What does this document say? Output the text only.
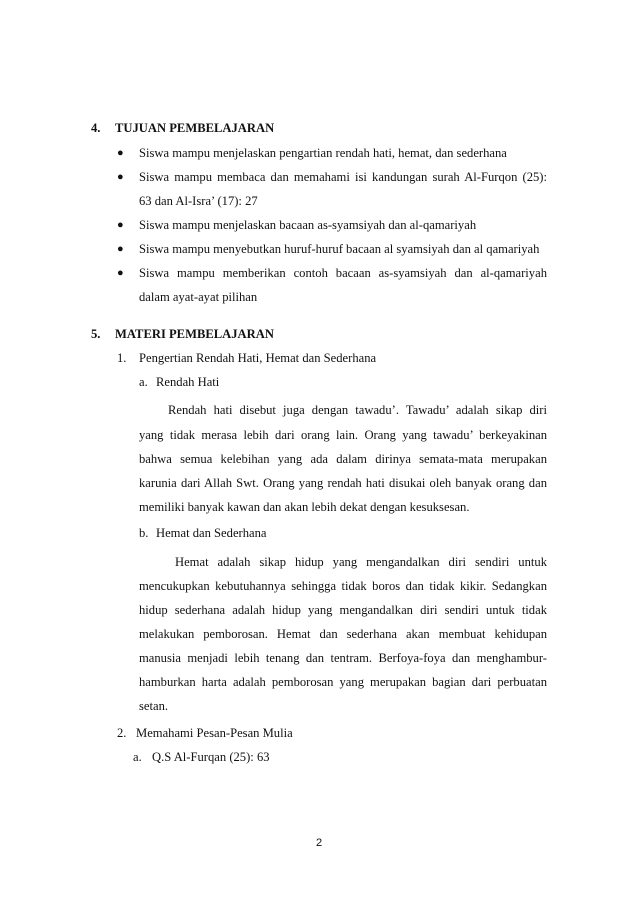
4. TUJUAN PEMBELAJARAN
● Siswa mampu menjelaskan pengartian rendah hati, hemat, dan sederhana
● Siswa mampu membaca dan memahami isi kandungan surah Al-Furqon (25):
63 dan Al-Isra’ (17): 27
● Siswa mampu menjelaskan bacaan as-syamsiyah dan al-qamariyah
● Siswa mampu menyebutkan huruf-huruf bacaan al syamsiyah dan al qamariyah
● Siswa mampu memberikan contoh bacaan as-syamsiyah dan al-qamariyah
dalam ayat-ayat pilihan
5. MATERI PEMBELAJARAN
1. Pengertian Rendah Hati, Hemat dan Sederhana
a. Rendah Hati
Rendah hati disebut juga dengan tawadu’. Tawadu’ adalah sikap diri
yang tidak merasa lebih dari orang lain. Orang yang tawadu’ berkeyakinan
bahwa semua kelebihan yang ada dalam dirinya semata-mata merupakan
karunia dari Allah Swt. Orang yang rendah hati disukai oleh banyak orang dan
memiliki banyak kawan dan akan lebih dekat dengan kesuksesan.
b. Hemat dan Sederhana
Hemat adalah sikap hidup yang mengandalkan diri sendiri untuk
mencukupkan kebutuhannya sehingga tidak boros dan tidak kikir. Sedangkan
hidup sederhana adalah hidup yang mengandalkan diri sendiri untuk tidak
melakukan pemborosan. Hemat dan sederhana akan membuat kehidupan
manusia menjadi lebih tenang dan tentram. Berfoya-foya dan menghambur-
hamburkan harta adalah pemborosan yang merupakan bagian dari perbuatan
setan.
2. Memahami Pesan-Pesan Mulia
a. Q.S Al-Furqan (25): 63
2
